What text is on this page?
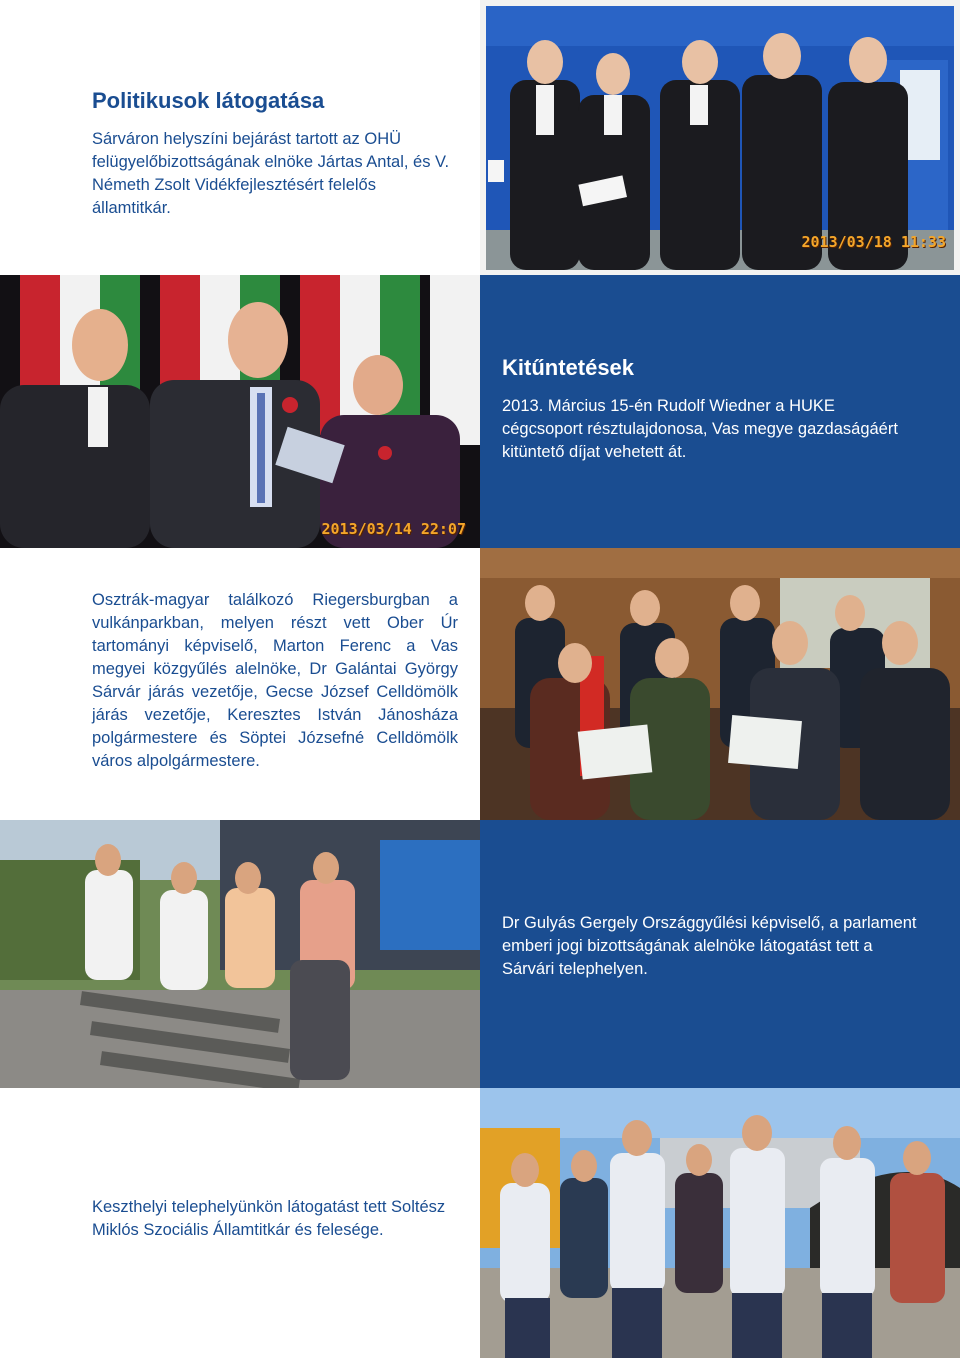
Politikusok látogatása

Sárváron helyszíni bejárást tartott az OHÜ felügyelőbizottságának elnöke Jártas Antal, és V. Németh Zsolt Vidékfejlesztésért felelős államtitkár.

2013/03/18 11:33
2013/03/14 22:07
Kitűntetések

2013. Március 15-én Rudolf Wiedner a HUKE cégcsoport résztulajdonosa, Vas megye gazdaságáért kitüntető díjat vehetett át.

Osztrák-magyar találkozó Riegersburgban a vulkánparkban, melyen részt vett Ober Úr tartományi képviselő, Marton Ferenc a Vas megyei közgyűlés alelnöke, Dr Galántai György Sárvár járás vezetője, Gecse József Celldömölk járás vezetője, Keresztes István Jánosháza polgármestere és Söptei Józsefné Celldömölk város alpolgármestere.

Dr Gulyás Gergely Országgyűlési képviselő, a parlament emberi jogi bizottságának alelnöke látogatást tett a Sárvári telephelyen.

Keszthelyi telephelyünkön látogatást tett Soltész Miklós Szociális Államtitkár és felesége.
